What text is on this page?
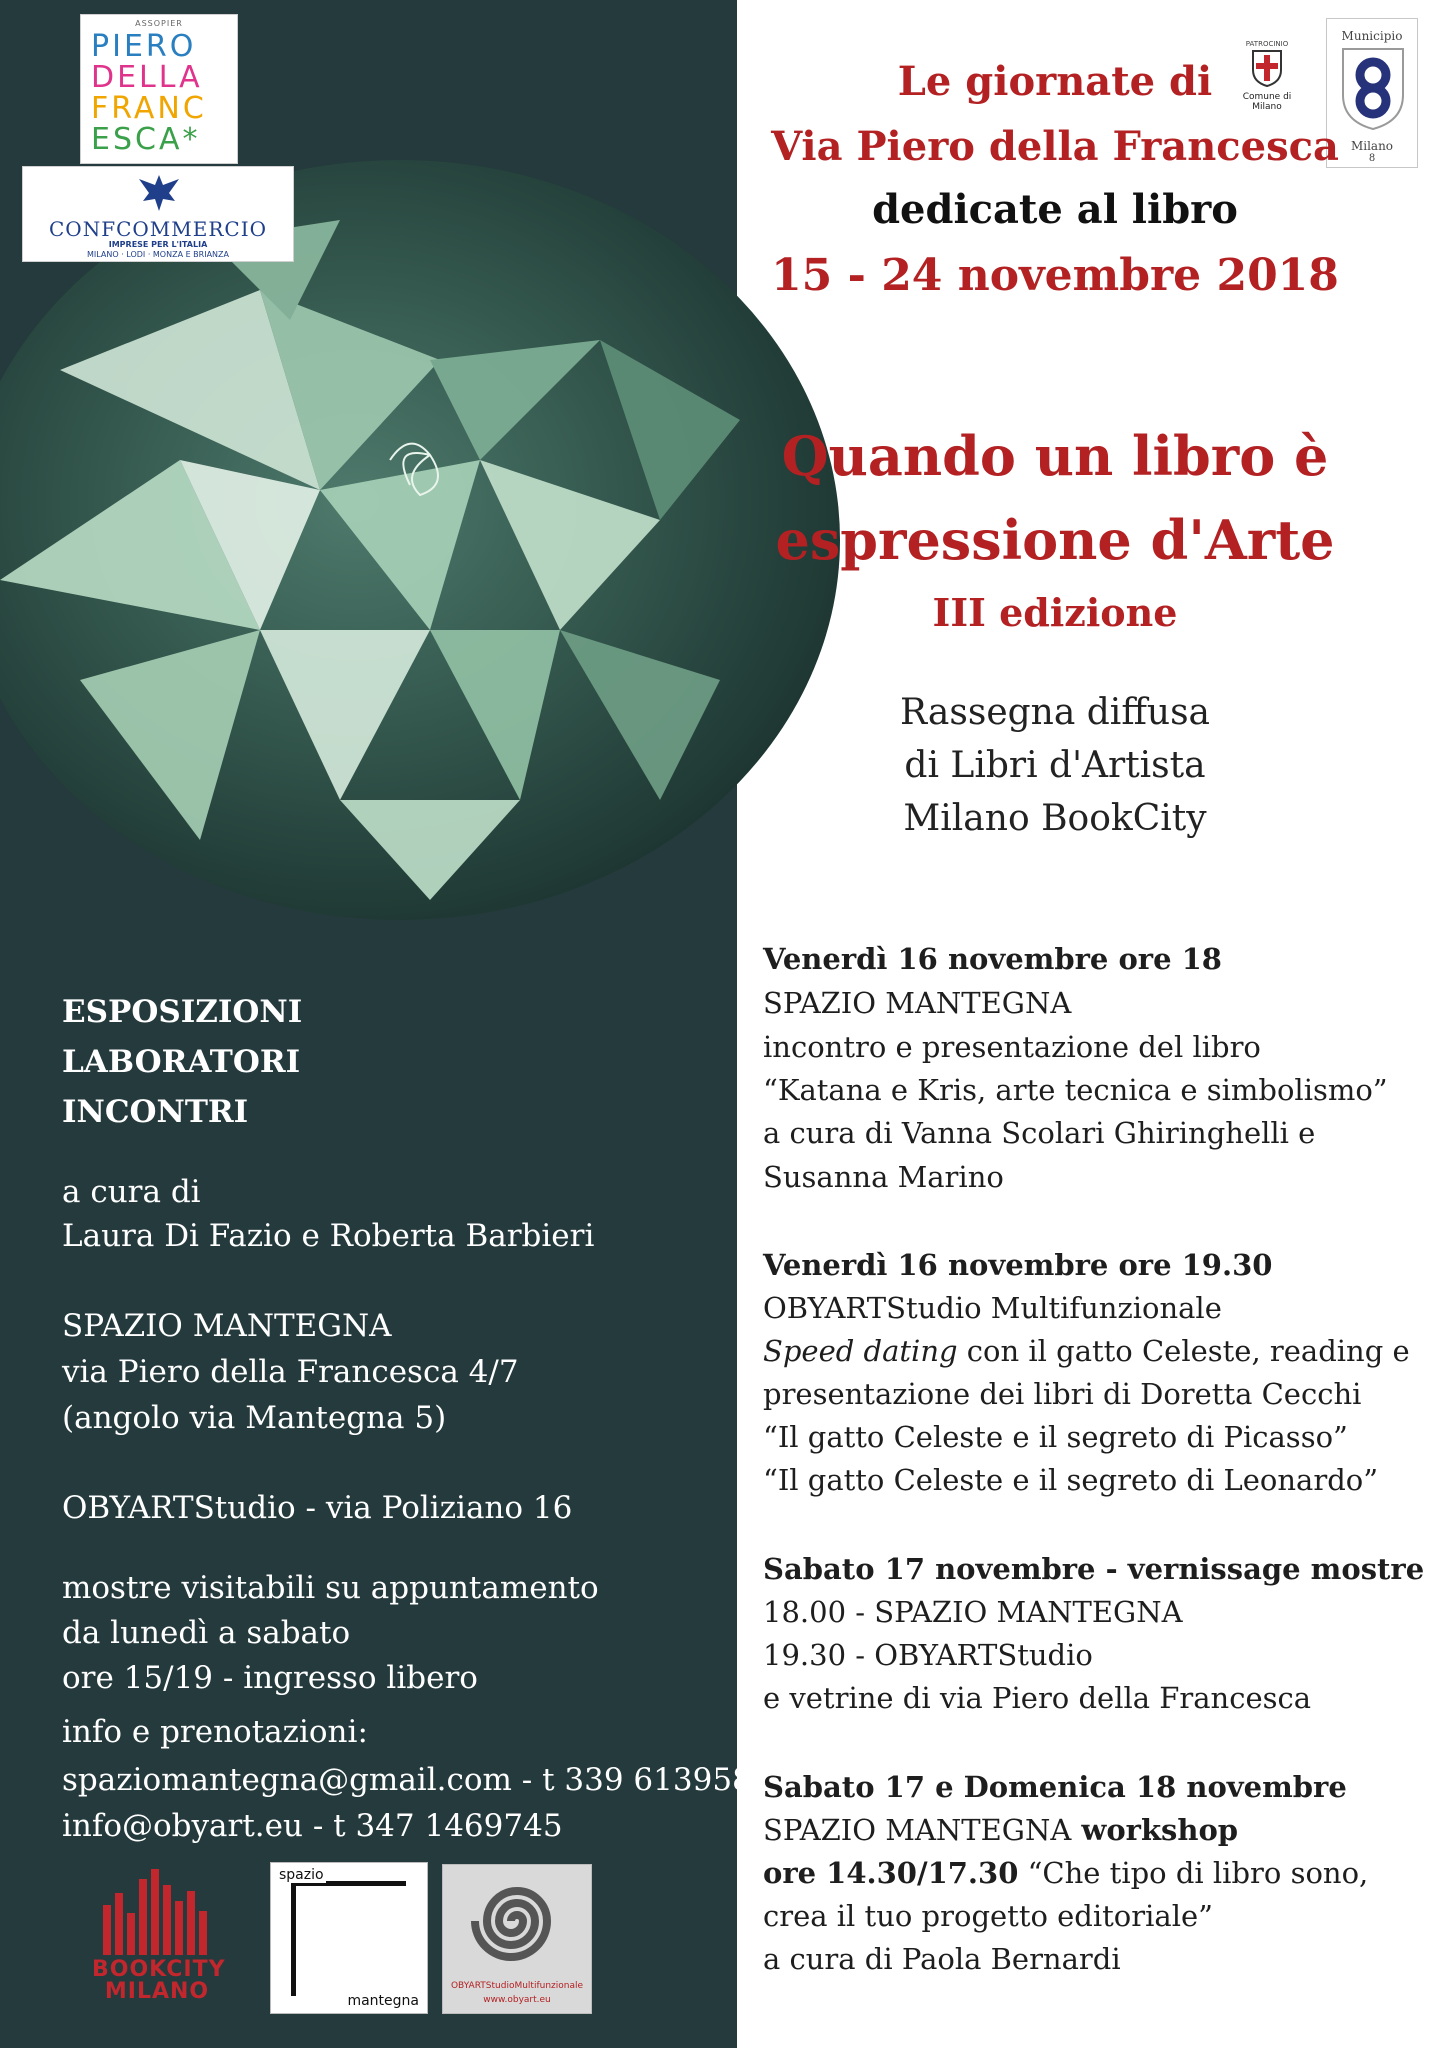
ASSOPIER
PIERO
DELLA
FRANC
ESCA*
CONFCOMMERCIO
IMPRESE PER L'ITALIA
MILANO · LODI · MONZA E BRIANZA
PATROCINIO
Comune di
Milano
Municipio
Milano
8
Le giornate di
Via Piero della Francesca
dedicate al libro
15 - 24 novembre 2018
Quando un libro è
espressione d'Arte
III edizione
Rassegna diffusa
di Libri d'Artista
Milano BookCity
ESPOSIZIONI
LABORATORI
INCONTRI
a cura di
Laura Di Fazio e Roberta Barbieri
SPAZIO MANTEGNA
via Piero della Francesca 4/7
(angolo via Mantegna 5)
OBYARTStudio - via Poliziano 16
mostre visitabili su appuntamento
da lunedì a sabato
ore 15/19 - ingresso libero
info e prenotazioni:
spaziomantegna@gmail.com - t 339 6139586
info@obyart.eu - t 347 1469745
BOOKCITY
MILANO
spazio
mantegna
OBYARTStudioMultifunzionale
www.obyart.eu
Venerdì 16 novembre ore 18
SPAZIO MANTEGNA
incontro e presentazione del libro
“Katana e Kris, arte tecnica e simbolismo”
a cura di Vanna Scolari Ghiringhelli e
Susanna Marino
Venerdì 16 novembre ore 19.30
OBYARTStudio Multifunzionale
Speed dating con il gatto Celeste, reading e
presentazione dei libri di Doretta Cecchi
“Il gatto Celeste e il segreto di Picasso”
“Il gatto Celeste e il segreto di Leonardo”
Sabato 17 novembre - vernissage mostre
18.00 - SPAZIO MANTEGNA
19.30 - OBYARTStudio
e vetrine di via Piero della Francesca
Sabato 17 e Domenica 18 novembre
SPAZIO MANTEGNA workshop
ore 14.30/17.30 “Che tipo di libro sono,
crea il tuo progetto editoriale”
a cura di Paola Bernardi
